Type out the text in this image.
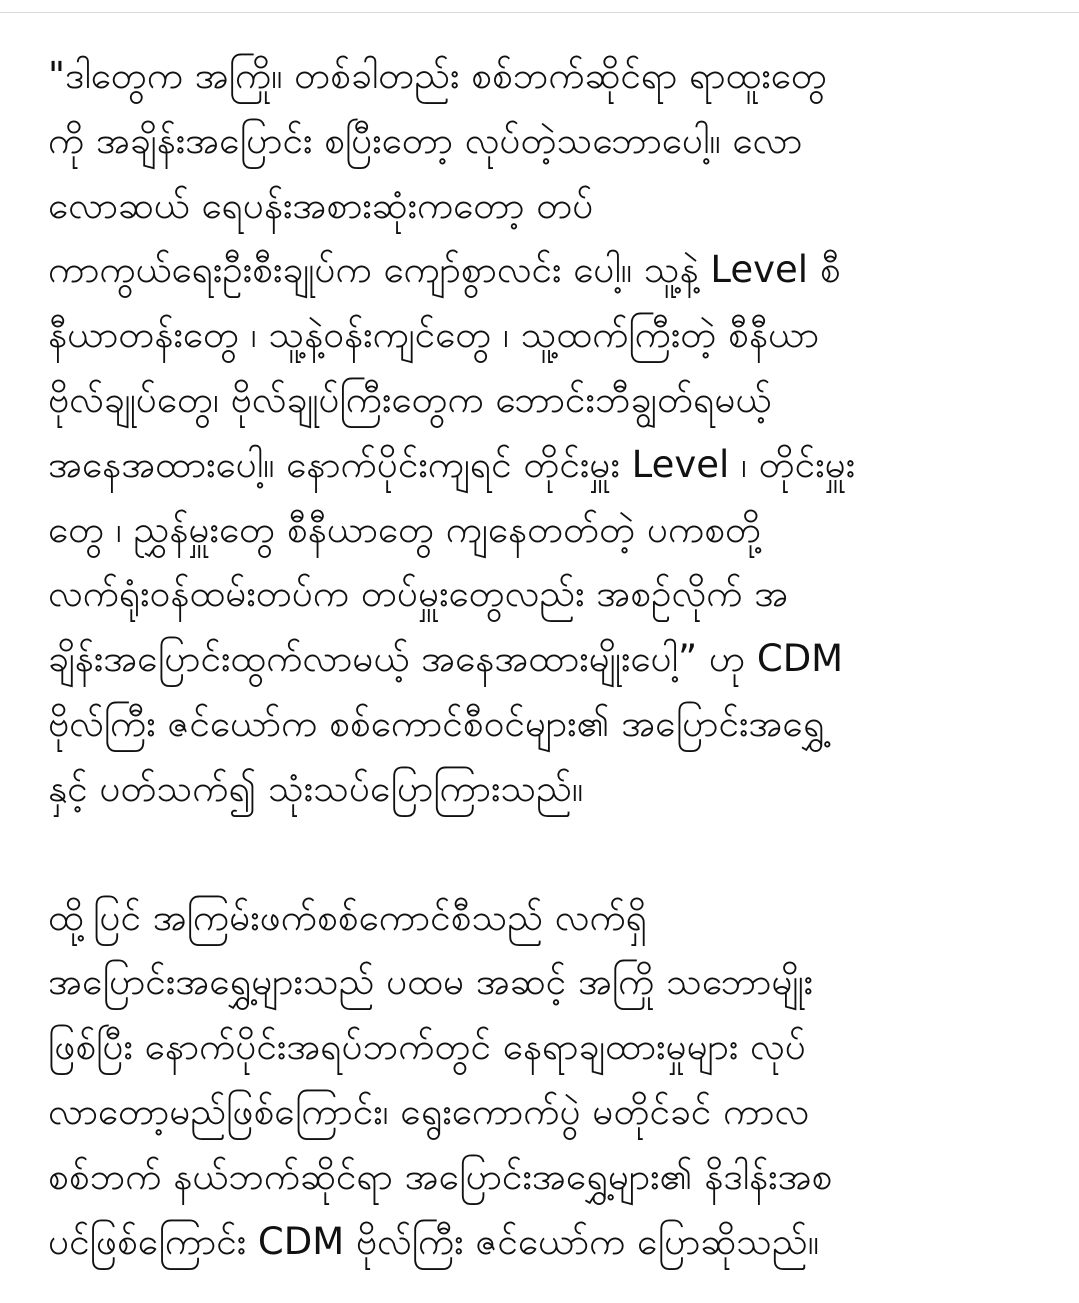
"ဒါတွေက အကြို။ တစ်ခါတည်း စစ်ဘက်ဆိုင်ရာ ရာထူးတွေ
ကို အချိန်းအပြောင်း စပြီးတော့ လုပ်တဲ့သဘောပေါ့။ လော
လောဆယ် ရေပန်းအစားဆုံးကတော့ တပ်
ကာကွယ်ရေးဦးစီးချုပ်က ကျော်စွာလင်း ပေါ့။ သူ့နဲ့ Level စီ
နီယာတန်းတွေ ၊ သူ့နဲ့ဝန်းကျင်တွေ ၊ သူ့ထက်ကြီးတဲ့ စီနီယာ
ဗိုလ်ချုပ်တွေ၊ ဗိုလ်ချုပ်ကြီးတွေက ဘောင်းဘီချွတ်ရမယ့်
အနေအထားပေါ့။ နောက်ပိုင်းကျရင် တိုင်းမှူး Level ၊ တိုင်းမှူး
တွေ ၊ ညွှန်မှူးတွေ စီနီယာတွေ ကျနေတတ်တဲ့ ပကစတို့
လက်ရုံးဝန်ထမ်းတပ်က တပ်မှူးတွေလည်း အစဉ်လိုက် အ
ချိန်းအပြောင်းထွက်လာမယ့် အနေအထားမျိုးပေါ့” ဟု CDM
ဗိုလ်ကြီး ဇင်ယော်က စစ်ကောင်စီဝင်များ၏ အပြောင်းအရွှေ့
နှင့် ပတ်သက်၍ သုံးသပ်ပြောကြားသည်။
ထို့ပြင် အကြမ်းဖက်စစ်ကောင်စီသည် လက်ရှိ
အပြောင်းအရွှေ့များသည် ပထမ အဆင့် အကြို သဘောမျိုး
ဖြစ်ပြီး နောက်ပိုင်းအရပ်ဘက်တွင် နေရာချထားမှုများ လုပ်
လာတော့မည်ဖြစ်ကြောင်း၊ ရွေးကောက်ပွဲ မတိုင်ခင် ကာလ
စစ်ဘက် နယ်ဘက်ဆိုင်ရာ အပြောင်းအရွှေ့များ၏ နိဒါန်းအစ
ပင်ဖြစ်ကြောင်း CDM ဗိုလ်ကြီး ဇင်ယော်က ပြောဆိုသည်။
